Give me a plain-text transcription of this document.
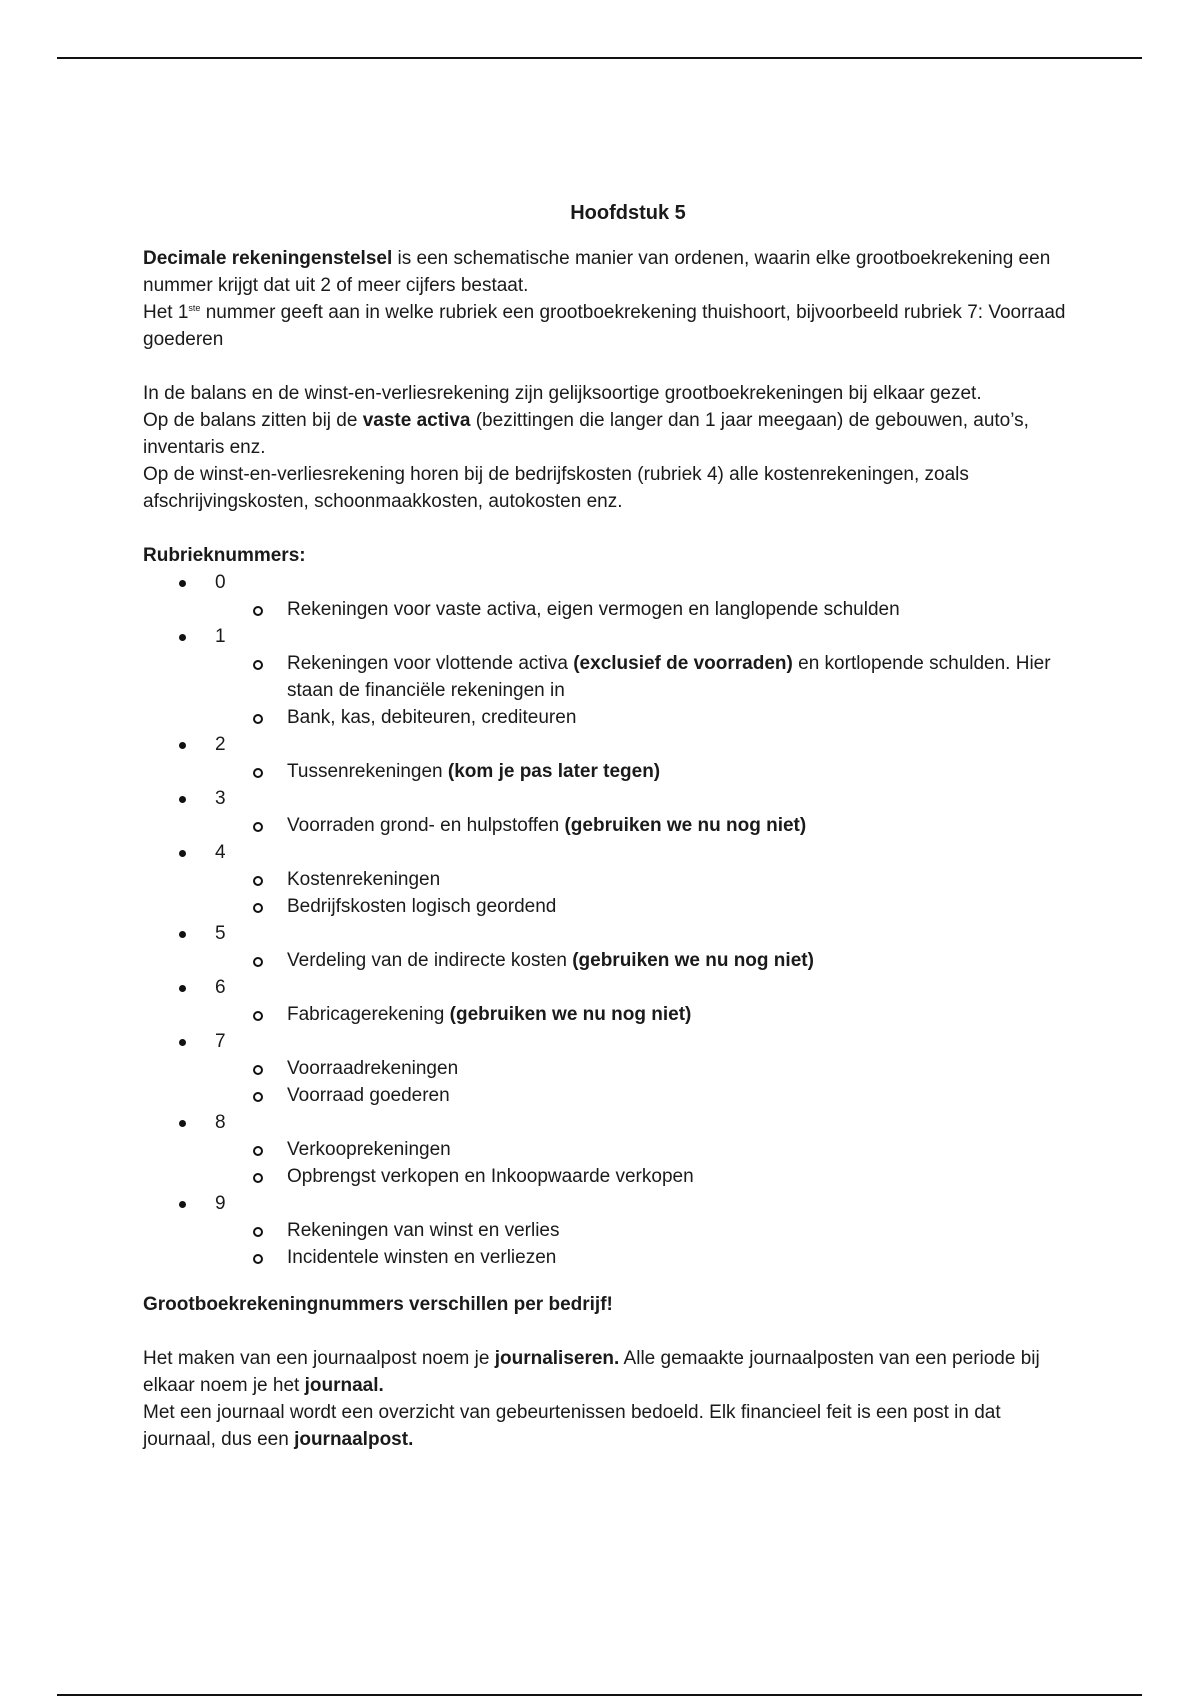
Hoofdstuk 5

Decimale rekeningenstelsel is een schematische manier van ordenen, waarin elke grootboekrekening een nummer krijgt dat uit 2 of meer cijfers bestaat.

Het 1ste nummer geeft aan in welke rubriek een grootboekrekening thuishoort, bijvoorbeeld rubriek 7: Voorraad goederen

In de balans en de winst-en-verliesrekening zijn gelijksoortige grootboekrekeningen bij elkaar gezet.

Op de balans zitten bij de vaste activa (bezittingen die langer dan 1 jaar meegaan) de gebouwen, auto’s, inventaris enz.

Op de winst-en-verliesrekening horen bij de bedrijfskosten (rubriek 4) alle kostenrekeningen, zoals afschrijvingskosten, schoonmaakkosten, autokosten enz.

Rubrieknummers:

0
Rekeningen voor vaste activa, eigen vermogen en langlopende schulden
1
Rekeningen voor vlottende activa (exclusief de voorraden) en kortlopende schulden. Hier staan de financiële rekeningen in
Bank, kas, debiteuren, crediteuren
2
Tussenrekeningen (kom je pas later tegen)
3
Voorraden grond- en hulpstoffen (gebruiken we nu nog niet)
4
Kostenrekeningen
Bedrijfskosten logisch geordend
5
Verdeling van de indirecte kosten (gebruiken we nu nog niet)
6
Fabricagerekening (gebruiken we nu nog niet)
7
Voorraadrekeningen
Voorraad goederen
8
Verkooprekeningen
Opbrengst verkopen en Inkoopwaarde verkopen
9
Rekeningen van winst en verlies
Incidentele winsten en verliezen

Grootboekrekeningnummers verschillen per bedrijf!

Het maken van een journaalpost noem je journaliseren. Alle gemaakte journaalposten van een periode bij elkaar noem je het journaal.

Met een journaal wordt een overzicht van gebeurtenissen bedoeld. Elk financieel feit is een post in dat journaal, dus een journaalpost.
